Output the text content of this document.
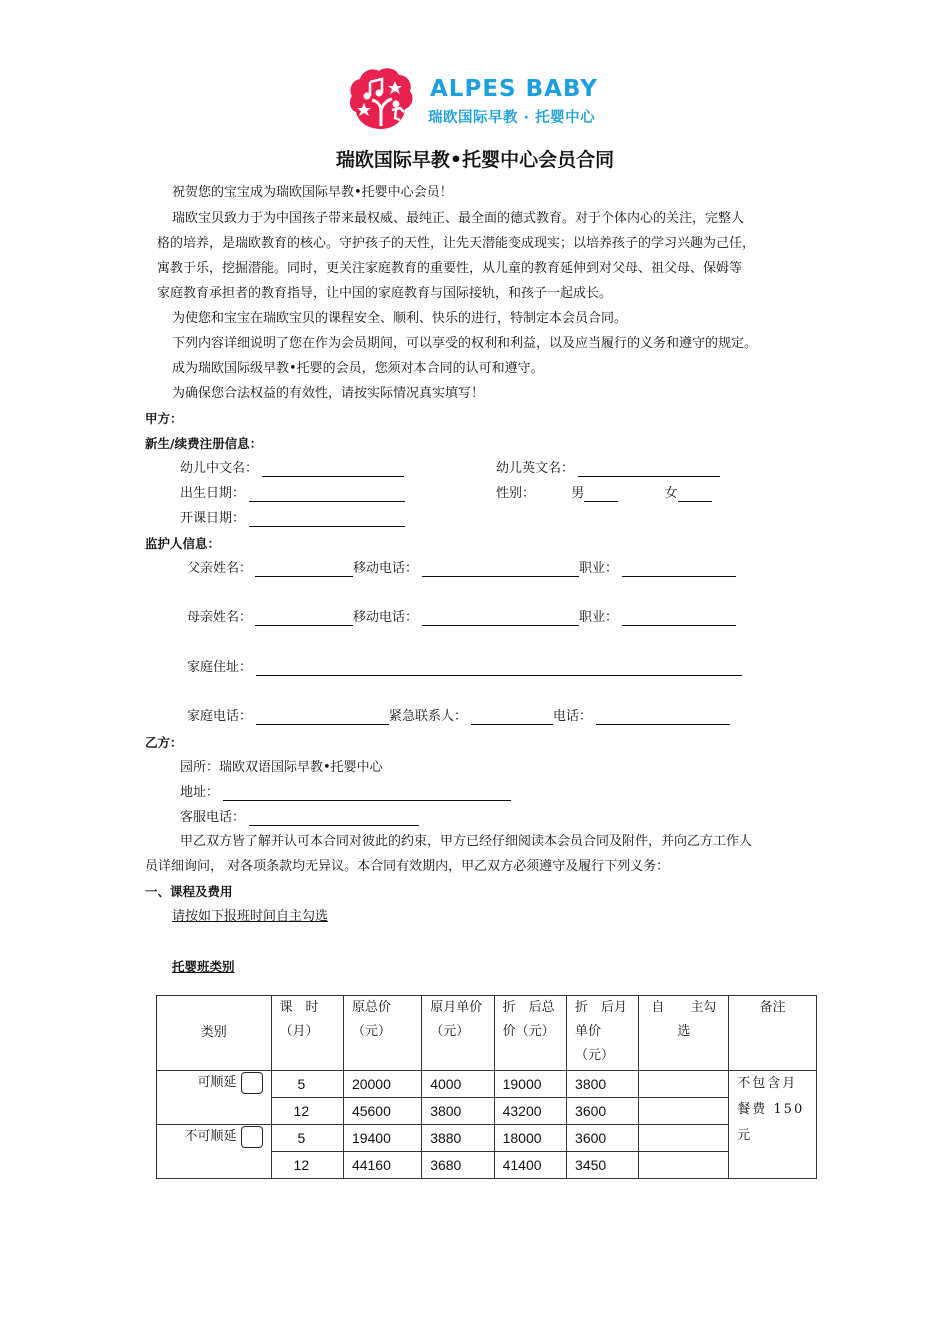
ALPES BABY
瑞欧国际早教 · 托婴中心
瑞欧国际早教•托婴中心会员合同
祝贺您的宝宝成为瑞欧国际早教•托婴中心会员！
瑞欧宝贝致力于为中国孩子带来最权威、最纯正、最全面的德式教育。对于个体内心的关注，完整人
格的培养，是瑞欧教育的核心。守护孩子的天性，让先天潜能变成现实；以培养孩子的学习兴趣为己任，
寓教于乐，挖掘潜能。同时，更关注家庭教育的重要性，从儿童的教育延伸到对父母、祖父母、保姆等
家庭教育承担者的教育指导，让中国的家庭教育与国际接轨，和孩子一起成长。
为使您和宝宝在瑞欧宝贝的课程安全、顺利、快乐的进行，特制定本会员合同。
下列内容详细说明了您在作为会员期间，可以享受的权利和利益，以及应当履行的义务和遵守的规定。
成为瑞欧国际级早教•托婴的会员，您须对本合同的认可和遵守。
为确保您合法权益的有效性，请按实际情况真实填写！
甲方：
新生/续费注册信息：
幼儿中文名：	幼儿英文名：
出生日期：	性别：	男	女
开课日期：
监护人信息：
父亲姓名：	移动电话：	职业：
母亲姓名：	移动电话：	职业：
家庭住址：
家庭电话：	紧急联系人：	电话：
乙方：
园所：瑞欧双语国际早教•托婴中心
地址：
客服电话：
甲乙双方皆了解并认可本合同对彼此的约束，甲方已经仔细阅读本会员合同及附件，并向乙方工作人
员详细询问， 对各项条款均无异议。本合同有效期内，甲乙双方必须遵守及履行下列义务：
一、课程及费用
请按如下报班时间自主勾选
托婴班类别
类别	课　时（月）	原总价（元）	原月单价（元）	折　后总　价（元）	折　后月单价（元）	自　　主勾　选	备注
可顺延	5	20000	4000	19000	3800		不包含月餐费 150 元
	12	45600	3800	43200	3600		
不可顺延	5	19400	3880	18000	3600		
	12	44160	3680	41400	3450		
